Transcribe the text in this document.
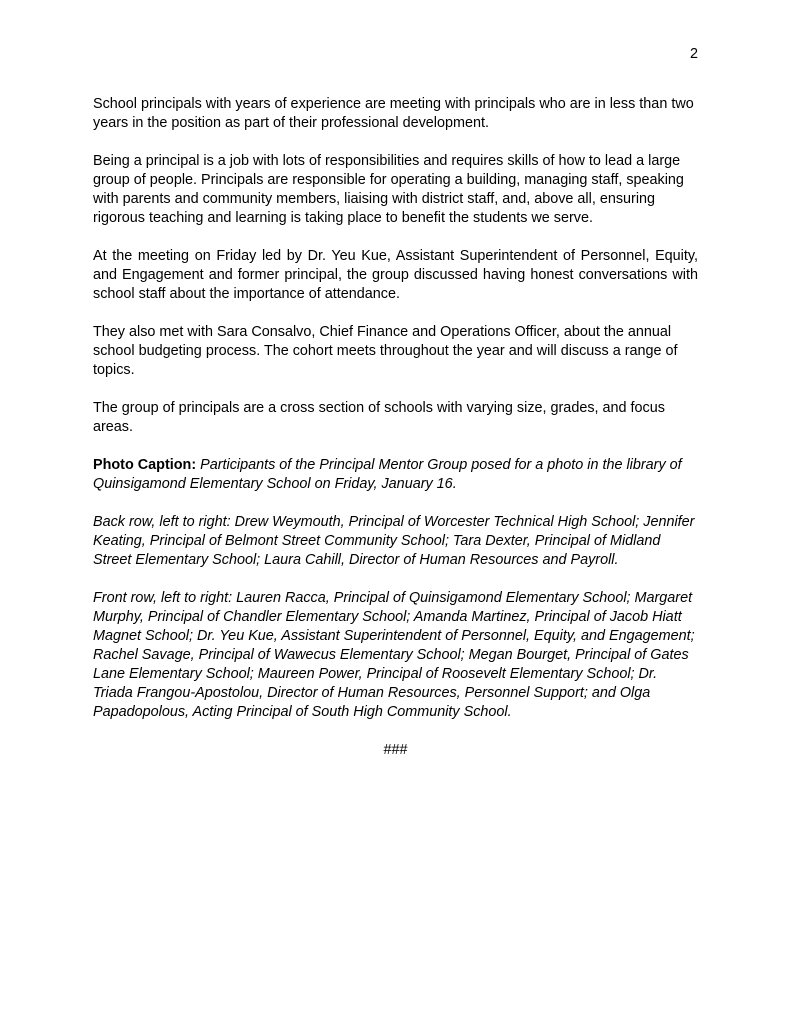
2

School principals with years of experience are meeting with principals who are in less than two years in the position as part of their professional development.

Being a principal is a job with lots of responsibilities and requires skills of how to lead a large group of people. Principals are responsible for operating a building, managing staff, speaking with parents and community members, liaising with district staff, and, above all, ensuring rigorous teaching and learning is taking place to benefit the students we serve.

At the meeting on Friday led by Dr. Yeu Kue, Assistant Superintendent of Personnel, Equity, and Engagement and former principal, the group discussed having honest conversations with school staff about the importance of attendance.

They also met with Sara Consalvo, Chief Finance and Operations Officer, about the annual school budgeting process. The cohort meets throughout the year and will discuss a range of topics.

The group of principals are a cross section of schools with varying size, grades, and focus areas.

Photo Caption: Participants of the Principal Mentor Group posed for a photo in the library of Quinsigamond Elementary School on Friday, January 16.

Back row, left to right: Drew Weymouth, Principal of Worcester Technical High School; Jennifer Keating, Principal of Belmont Street Community School; Tara Dexter, Principal of Midland Street Elementary School; Laura Cahill, Director of Human Resources and Payroll.

Front row, left to right: Lauren Racca, Principal of Quinsigamond Elementary School; Margaret Murphy, Principal of Chandler Elementary School; Amanda Martinez, Principal of Jacob Hiatt Magnet School; Dr. Yeu Kue, Assistant Superintendent of Personnel, Equity, and Engagement; Rachel Savage, Principal of Wawecus Elementary School; Megan Bourget, Principal of Gates Lane Elementary School; Maureen Power, Principal of Roosevelt Elementary School; Dr. Triada Frangou-Apostolou, Director of Human Resources, Personnel Support; and Olga Papadopolous, Acting Principal of South High Community School.

###
